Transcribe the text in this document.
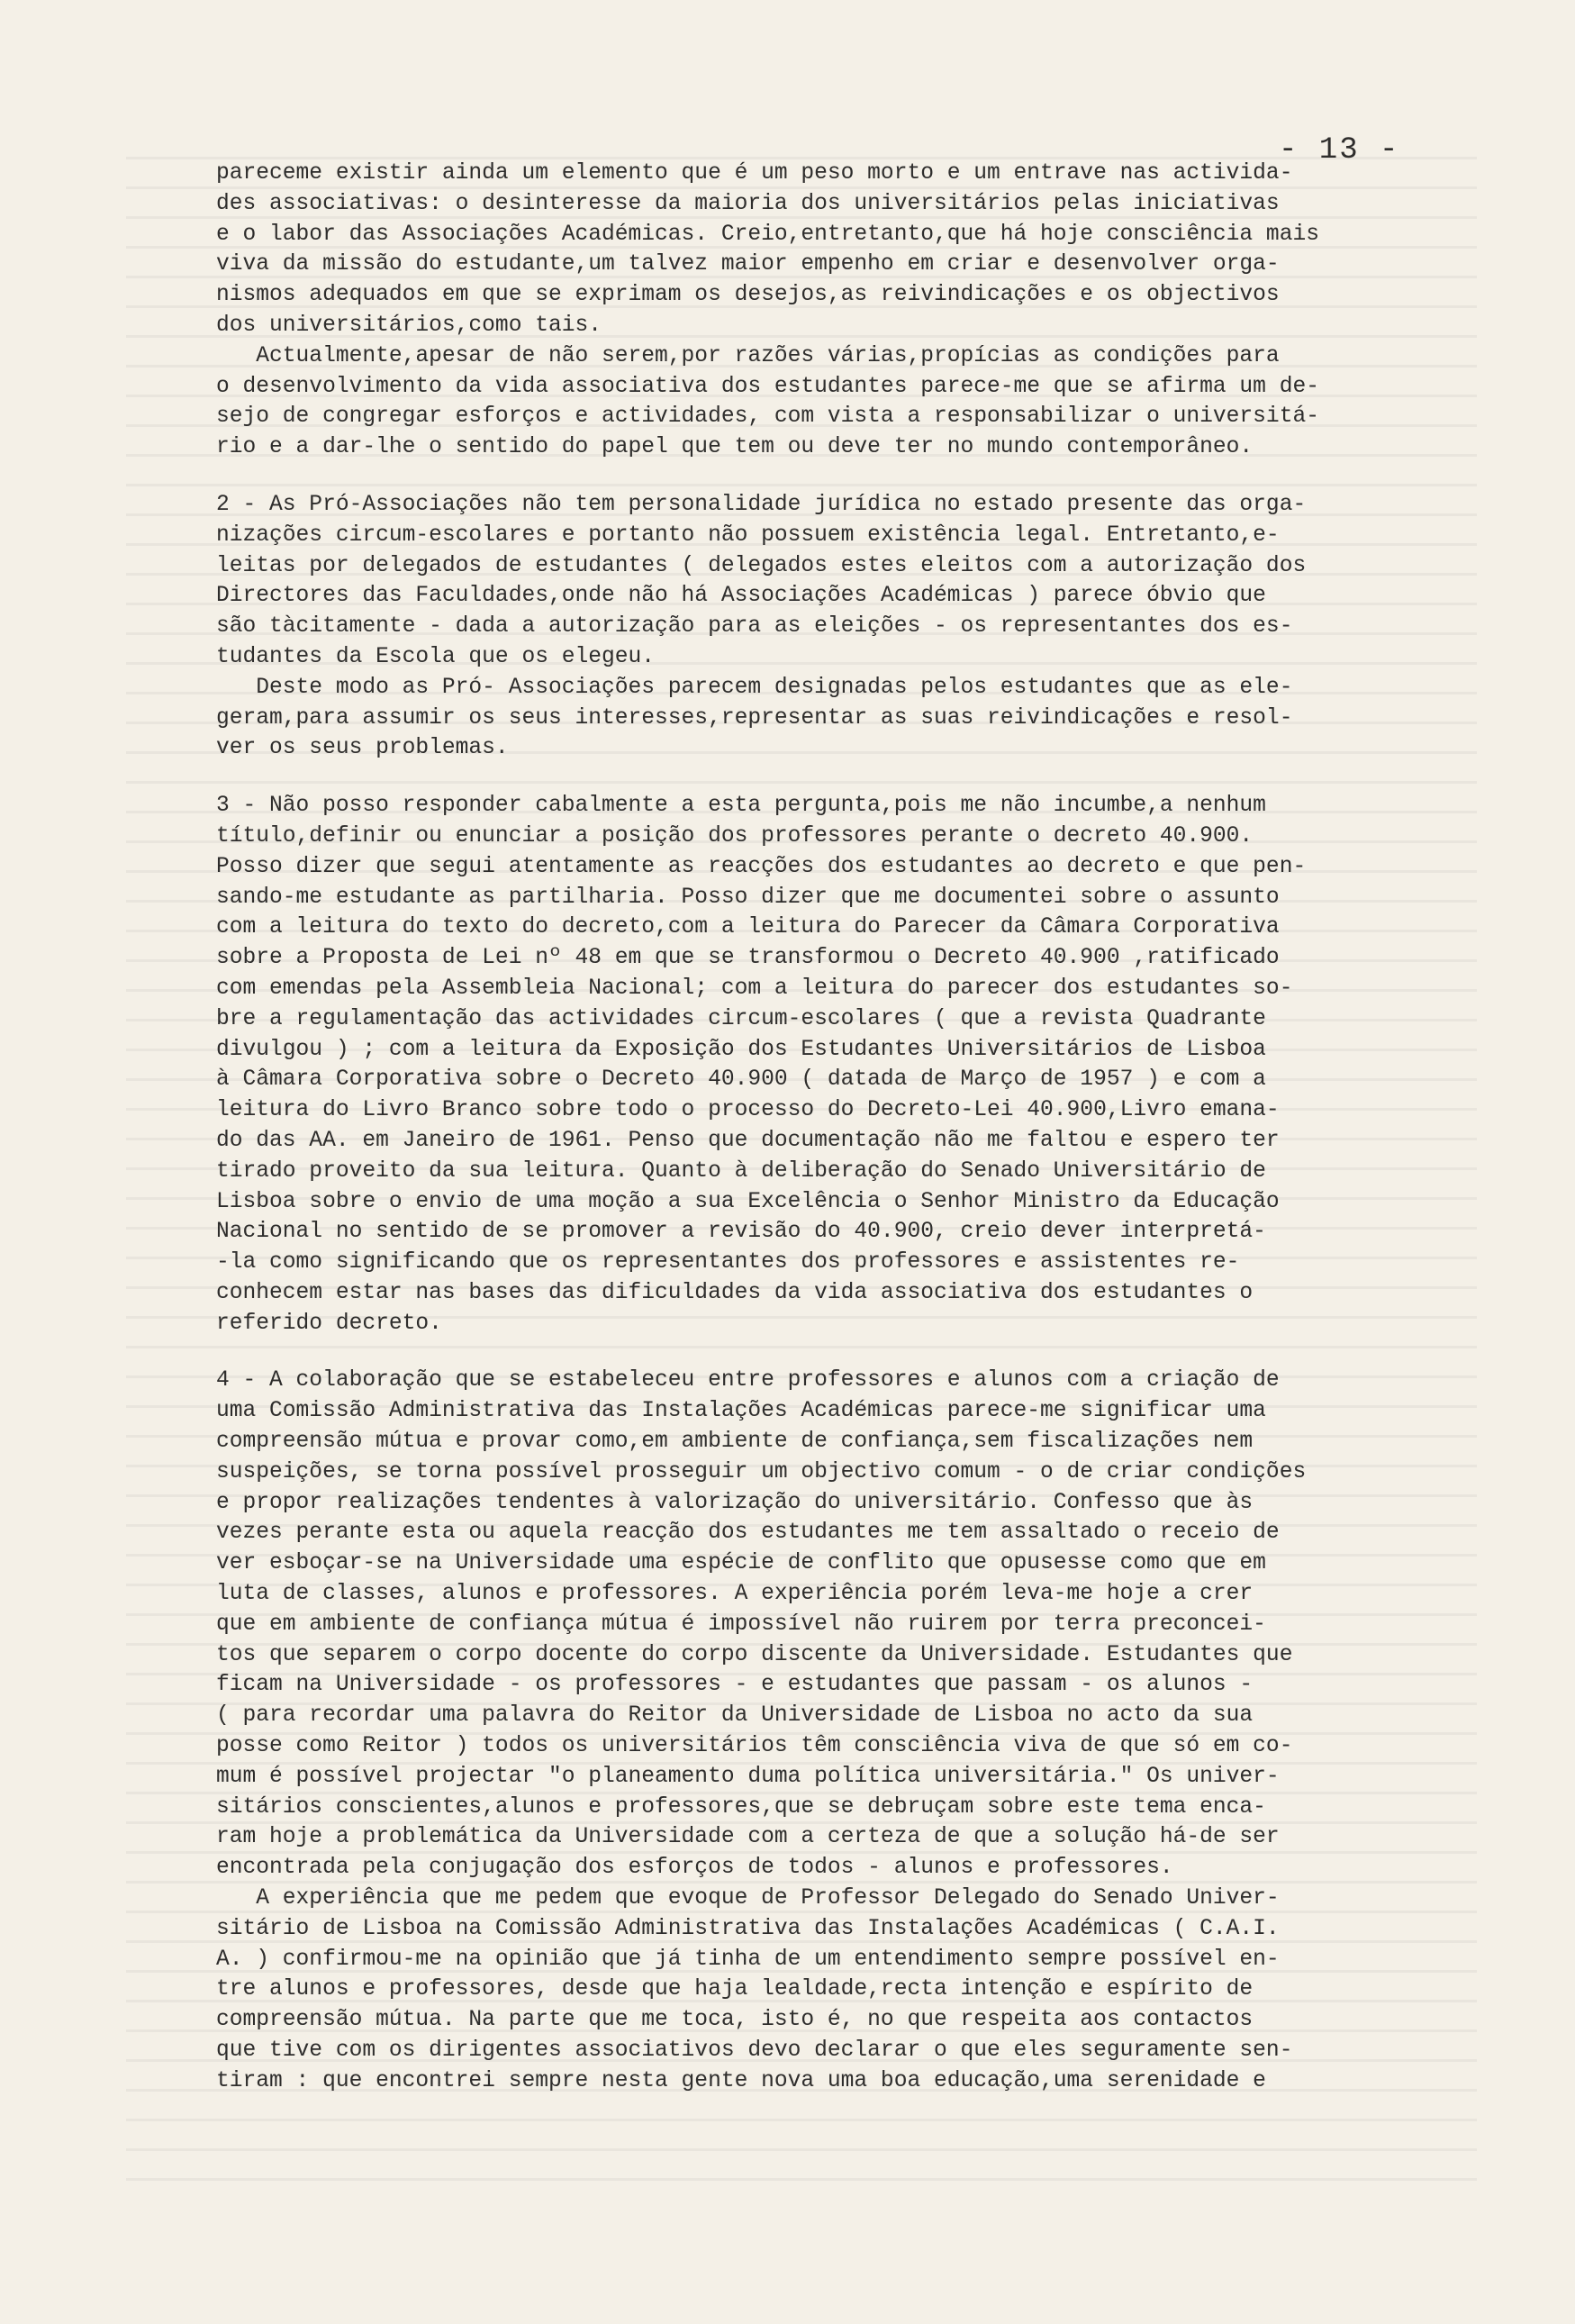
- 13 -
pareceme existir ainda um elemento que é um peso morto e um entrave nas activida-
des associativas: o desinteresse da maioria dos universitários pelas iniciativas
e o labor das Associações Académicas. Creio,entretanto,que há hoje consciência mais
viva da missão do estudante,um talvez maior empenho em criar e desenvolver orga-
nismos adequados em que se exprimam os desejos,as reivindicações e os objectivos
dos universitários,como tais.
Actualmente,apesar de não serem,por razões várias,propícias as condições para
o desenvolvimento da vida associativa dos estudantes parece-me que se afirma um de-
sejo de congregar esforços e actividades, com vista a responsabilizar o universitá-
rio e a dar-lhe o sentido do papel que tem ou deve ter no mundo contemporâneo.
2 - As Pró-Associações não tem personalidade jurídica no estado presente das orga-
nizações circum-escolares e portanto não possuem existência legal. Entretanto,e-
leitas por delegados de estudantes ( delegados estes eleitos com a autorização dos
Directores das Faculdades,onde não há Associações Académicas ) parece óbvio que
são tàcitamente - dada a autorização para as eleições - os representantes dos es-
tudantes da Escola que os elegeu.
Deste modo as Pró- Associações parecem designadas pelos estudantes que as ele-
geram,para assumir os seus interesses,representar as suas reivindicações e resol-
ver os seus problemas.
3 - Não posso responder cabalmente a esta pergunta,pois me não incumbe,a nenhum
título,definir ou enunciar a posição dos professores perante o decreto 40.900.
Posso dizer que segui atentamente as reacções dos estudantes ao decreto e que pen-
sando-me estudante as partilharia. Posso dizer que me documentei sobre o assunto
com a leitura do texto do decreto,com a leitura do Parecer da Câmara Corporativa
sobre a Proposta de Lei nº 48 em que se transformou o Decreto 40.900 ,ratificado
com emendas pela Assembleia Nacional; com a leitura do parecer dos estudantes so-
bre a regulamentação das actividades circum-escolares ( que a revista Quadrante
divulgou ) ; com a leitura da Exposição dos Estudantes Universitários de Lisboa
à Câmara Corporativa sobre o Decreto 40.900 ( datada de Março de 1957 ) e com a
leitura do Livro Branco sobre todo o processo do Decreto-Lei 40.900,Livro emana-
do das AA. em Janeiro de 1961. Penso que documentação não me faltou e espero ter
tirado proveito da sua leitura. Quanto à deliberação do Senado Universitário de
Lisboa sobre o envio de uma moção a sua Excelência o Senhor Ministro da Educação
Nacional no sentido de se promover a revisão do 40.900, creio dever interpretá-
-la como significando que os representantes dos professores e assistentes re-
conhecem estar nas bases das dificuldades da vida associativa dos estudantes o
referido decreto.
4 - A colaboração que se estabeleceu entre professores e alunos com a criação de
uma Comissão Administrativa das Instalações Académicas parece-me significar uma
compreensão mútua e provar como,em ambiente de confiança,sem fiscalizações nem
suspeições, se torna possível prosseguir um objectivo comum - o de criar condições
e propor realizações tendentes à valorização do universitário. Confesso que às
vezes perante esta ou aquela reacção dos estudantes me tem assaltado o receio de
ver esboçar-se na Universidade uma espécie de conflito que opusesse como que em
luta de classes, alunos e professores. A experiência porém leva-me hoje a crer
que em ambiente de confiança mútua é impossível não ruirem por terra preconcei-
tos que separem o corpo docente do corpo discente da Universidade. Estudantes que
ficam na Universidade - os professores - e estudantes que passam - os alunos -
( para recordar uma palavra do Reitor da Universidade de Lisboa no acto da sua
posse como Reitor ) todos os universitários têm consciência viva de que só em co-
mum é possível projectar "o planeamento duma política universitária." Os univer-
sitários conscientes,alunos e professores,que se debruçam sobre este tema enca-
ram hoje a problemática da Universidade com a certeza de que a solução há-de ser
encontrada pela conjugação dos esforços de todos - alunos e professores.
A experiência que me pedem que evoque de Professor Delegado do Senado Univer-
sitário de Lisboa na Comissão Administrativa das Instalações Académicas ( C.A.I.
A. ) confirmou-me na opinião que já tinha de um entendimento sempre possível en-
tre alunos e professores, desde que haja lealdade,recta intenção e espírito de
compreensão mútua. Na parte que me toca, isto é, no que respeita aos contactos
que tive com os dirigentes associativos devo declarar o que eles seguramente sen-
tiram : que encontrei sempre nesta gente nova uma boa educação,uma serenidade e
